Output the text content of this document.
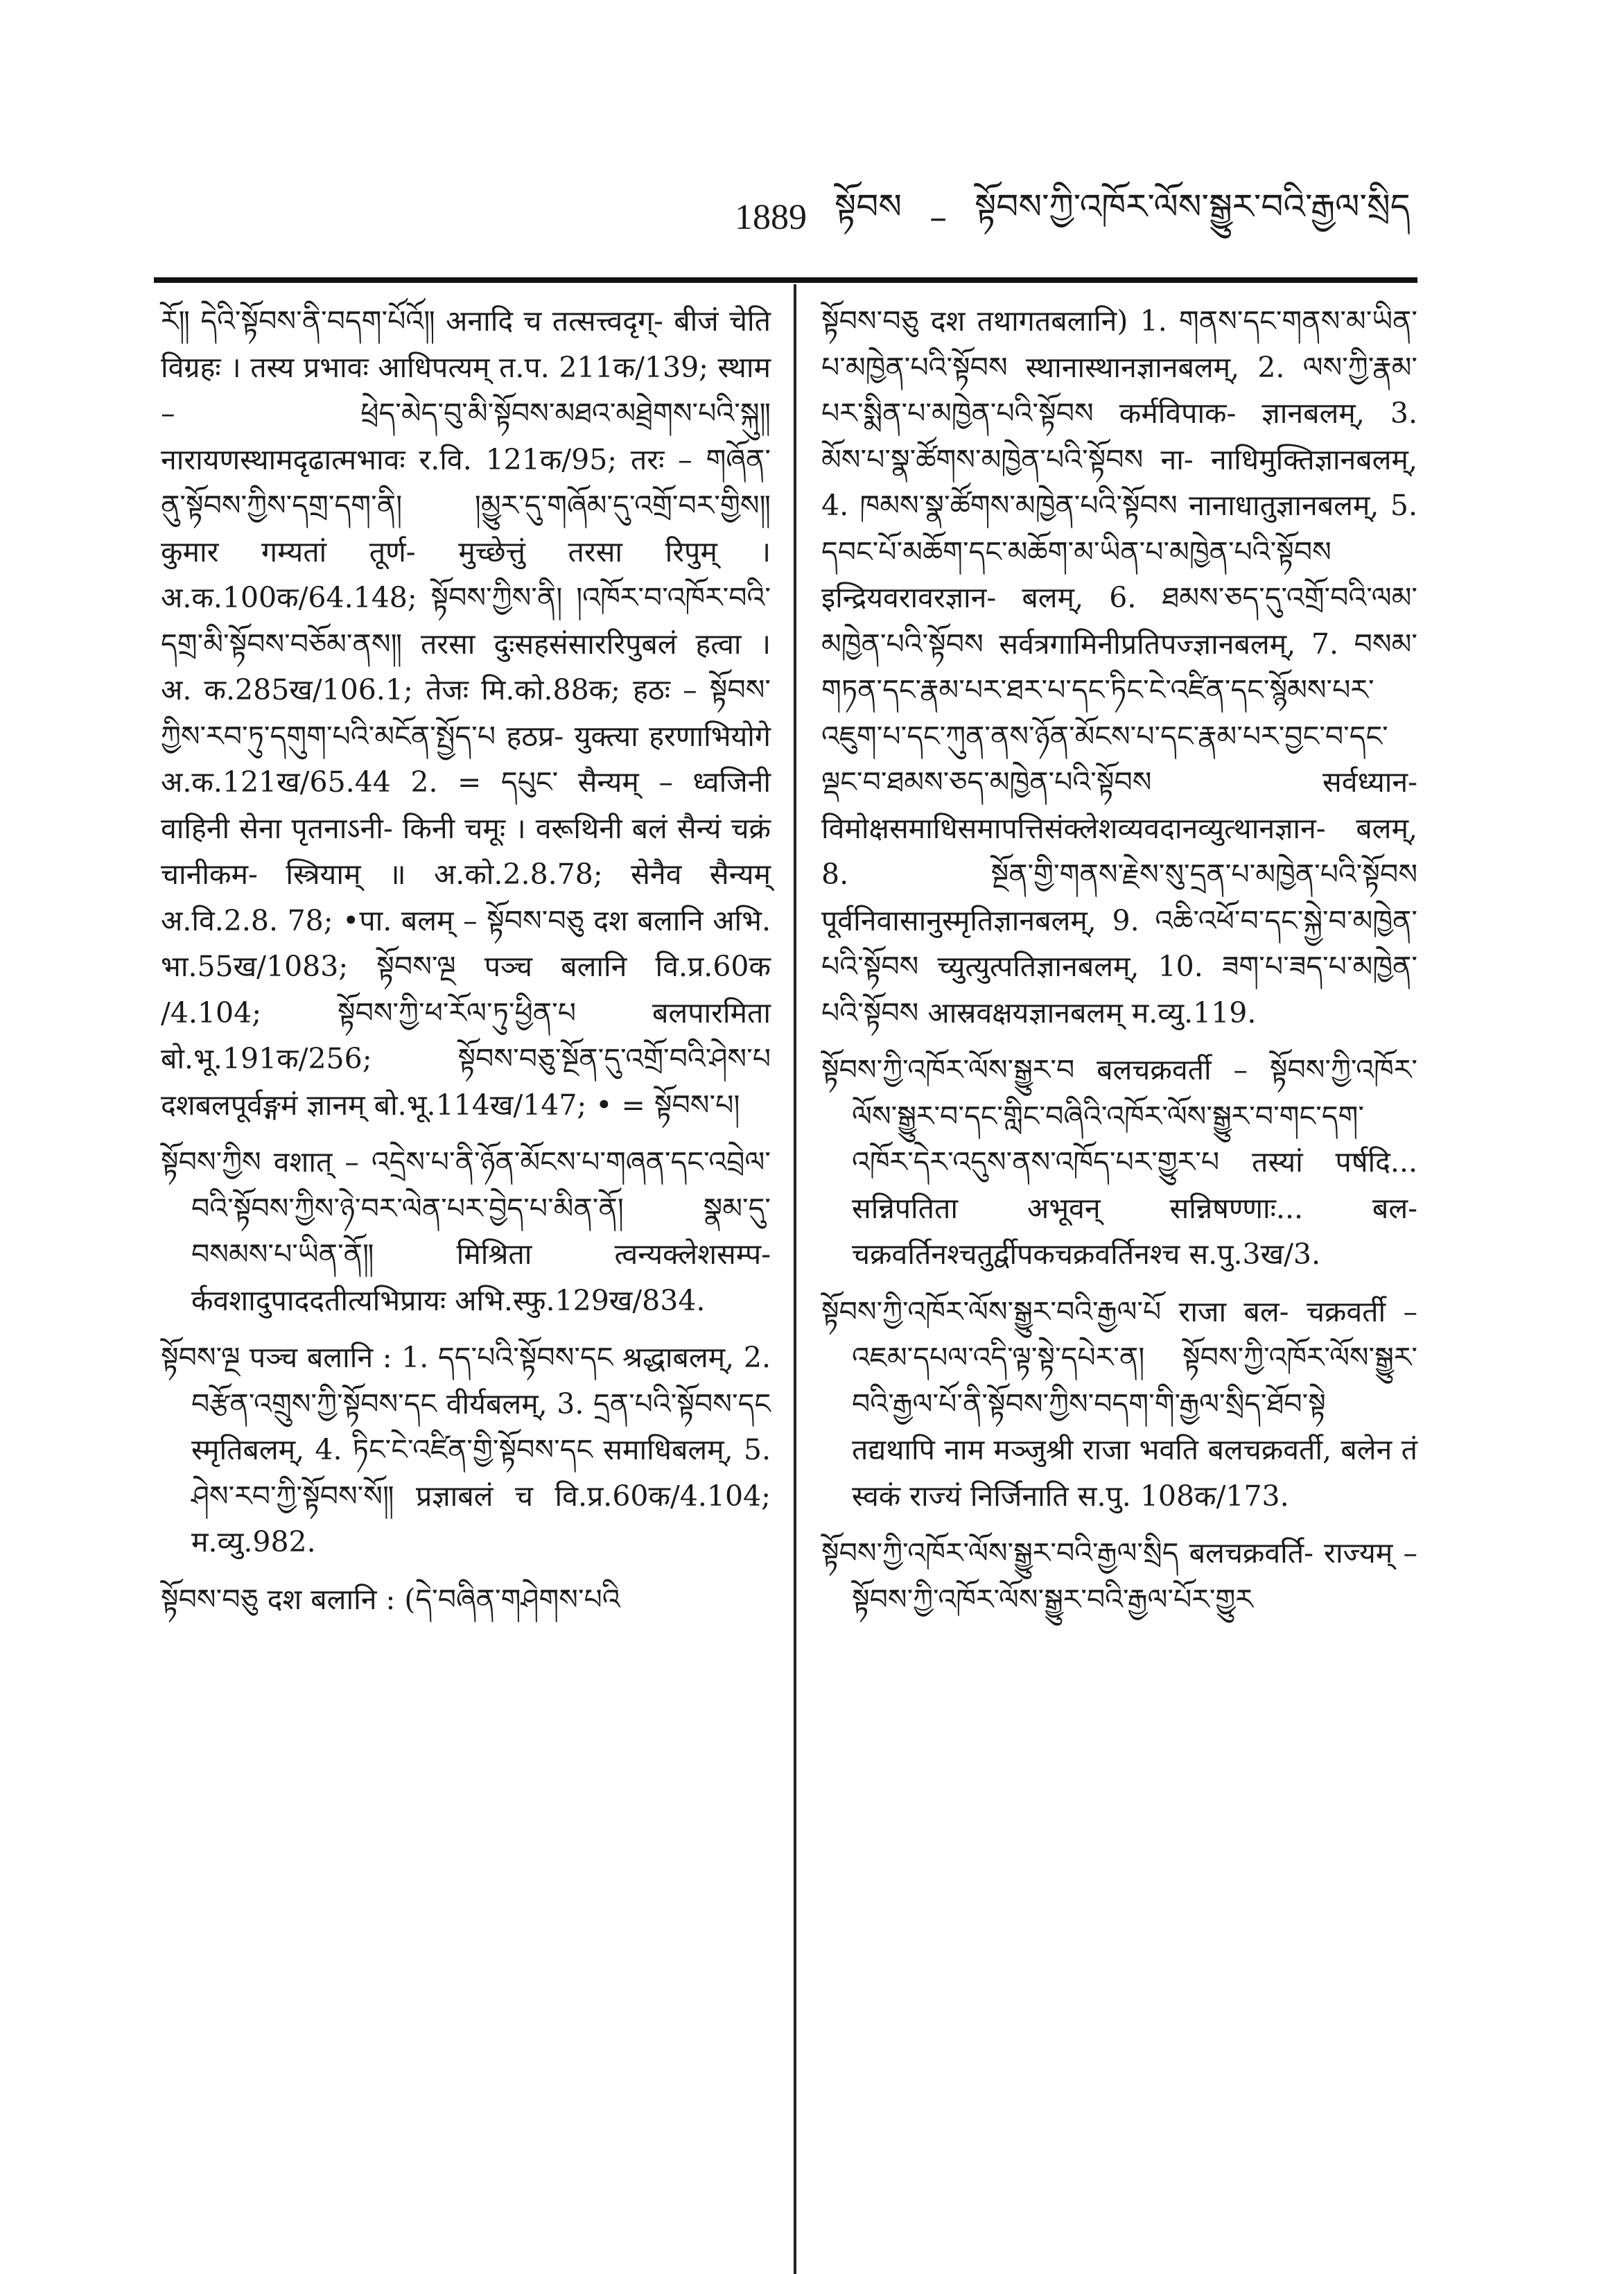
1889 སྟོབས – སྟོབས་ཀྱི་འཁོར་ལོས་སྒྱུར་བའི་རྒྱལ་སྲིད

ཪོ༎ དེའི་སྟོབས་ནི་བདག་པོའོ༎ अनादि च तत्सत्त्वदृग्- बीजं चेति विग्रहः । तस्य प्रभावः आधिपत्यम् त.प. 211क/139; स्थाम – ཕྲེད་མེད་བུ་མི་སྟོབས་མཐའ་མཐྲེགས་པའི་སྐུ༎ नारायणस्थामदृढात्मभावः र.वि. 121क/95; तरः – གཞོན་ནུ་སྟོབས་ཀྱིས་དགྲ་དག་ནི། །མྱུར་དུ་གཞོམ་དུ་འགྲོ་བར་གྱིས༎ कुमार गम्यतां तूर्ण- मुच्छेत्तुं तरसा रिपुम् । अ.क.100क/64.148; སྟོབས་ཀྱིས་ནི། །འཁོར་བ་འཁོར་བའི་དགྲ་མི་སྟོབས་བཅོམ་ནས༎ तरसा दुःसहसंसाररिपुबलं हत्वा । अ. क.285ख/106.1; तेजः मि.को.88क; हठः – སྟོབས་ཀྱིས་རབ་ཏུ་དགུག་པའི་མངོན་སྤྱོད་པ हठप्र- युक्त्या हरणाभियोगे अ.क.121ख/65.44 2. = དཔུང་ सैन्यम् – ध्वजिनी वाहिनी सेना पृतनाऽनी- किनी चमूः । वरूथिनी बलं सैन्यं चक्रं चानीकम- स्त्रियाम् ॥ अ.को.2.8.78; सेनैव सैन्यम् अ.वि.2.8. 78; •पा. बलम् – སྟོབས་བཅུ दश बलानि अभि. भा.55ख/1083; སྟོབས་ལྔ पञ्च बलानि वि.प्र.60क /4.104; སྟོབས་ཀྱི་ཕ་རོལ་ཏུ་ཕྱིན་པ बलपारमिता बो.भू.191क/256; སྟོབས་བཅུ་སྔོན་དུ་འགྲོ་བའི་ཤེས་པ दशबलपूर्वङ्गमं ज्ञानम् बो.भू.114ख/147; • = སྟོབས་པ།

སྟོབས་ཀྱིས वशात् – འདྲེས་པ་ནི་ཉོན་མོངས་པ་གཞན་དང་འབྲེལ་བའི་སྟོབས་ཀྱིས་ཉེ་བར་ལེན་པར་བྱེད་པ་མིན་ནོ། སྣམ་དུ་བསམས་པ་ཡིན་ནོ༎ मिश्रिता त्वन्यक्लेशसम्प- र्कवशादुपाददतीत्यभिप्रायः अभि.स्फु.129ख/834.

སྟོབས་ལྔ पञ्च बलानि : 1. དད་པའི་སྟོབས་དང श्रद्धाबलम्, 2. བརྩོན་འགྲུས་ཀྱི་སྟོབས་དང वीर्यबलम्, 3. དྲན་པའི་སྟོབས་དང स्मृतिबलम्, 4. ཏིང་ངེ་འཛིན་གྱི་སྟོབས་དང समाधिबलम्, 5. ཤེས་རབ་ཀྱི་སྟོབས་སོ༎ प्रज्ञाबलं च वि.प्र.60क/4.104; म.व्यु.982.

སྟོབས་བཅུ दश बलानि : (དེ་བཞིན་གཤེགས་པའི

སྟོབས་བཅུ दश तथागतबलानि) 1. གནས་དང་གནས་མ་ཡིན་པ་མཁྱེན་པའི་སྟོབས स्थानास्थानज्ञानबलम्, 2. ལས་ཀྱི་རྣམ་པར་སྨིན་པ་མཁྱེན་པའི་སྟོབས कर्मविपाक- ज्ञानबलम्, 3. མོས་པ་སྣ་ཚོགས་མཁྱེན་པའི་སྟོབས ना- नाधिमुक्तिज्ञानबलम्, 4. ཁམས་སྣ་ཚོགས་མཁྱེན་པའི་སྟོབས नानाधातुज्ञानबलम्, 5. དབང་པོ་མཆོག་དང་མཆོག་མ་ཡིན་པ་མཁྱེན་པའི་སྟོབས इन्द्रियवरावरज्ञान- बलम्, 6. ཐམས་ཅད་དུ་འགྲོ་བའི་ལམ་མཁྱེན་པའི་སྟོབས सर्वत्रगामिनीप्रतिपज्ज्ञानबलम्, 7. བསམ་གཏན་དང་རྣམ་པར་ཐར་པ་དང་ཏིང་ངེ་འཛིན་དང་སྙོམས་པར་འཇུག་པ་དང་ཀུན་ནས་ཉོན་མོངས་པ་དང་རྣམ་པར་བྱང་བ་དང་ལྡང་བ་ཐམས་ཅད་མཁྱེན་པའི་སྟོབས सर्वध्यान- विमोक्षसमाधिसमापत्तिसंक्लेशव्यवदानव्युत्थानज्ञान- बलम्, 8. སྔོན་གྱི་གནས་རྗེས་སུ་དྲན་པ་མཁྱེན་པའི་སྟོབས पूर्वनिवासानुस्मृतिज्ञानबलम्, 9. འཆི་འཕོ་བ་དང་སྐྱེ་བ་མཁྱེན་པའི་སྟོབས च्युत्युत्पतिज्ञानबलम्, 10. ཟག་པ་ཟད་པ་མཁྱེན་པའི་སྟོབས आस्रवक्षयज्ञानबलम् म.व्यु.119.

སྟོབས་ཀྱི་འཁོར་ལོས་སྒྱུར་བ बलचक्रवर्ती – སྟོབས་ཀྱི་འཁོར་ལོས་སྒྱུར་བ་དང་གླིང་བཞིའི་འཁོར་ལོས་སྒྱུར་བ་གང་དག་འཁོར་དེར་འདུས་ནས་འཁོད་པར་གྱུར་པ तस्यां पर्षदि... सन्निपतिता अभूवन् सन्निषण्णाः... बल- चक्रवर्तिनश्चतुर्द्वीपकचक्रवर्तिनश्च स.पु.3ख/3.

སྟོབས་ཀྱི་འཁོར་ལོས་སྒྱུར་བའི་རྒྱལ་པོ राजा बल- चक्रवर्ती – འཇམ་དཔལ་འདི་ལྟ་སྟེ་དཔེར་ན། སྟོབས་ཀྱི་འཁོར་ལོས་སྒྱུར་བའི་རྒྱལ་པོ་ནི་སྟོབས་ཀྱིས་བདག་གི་རྒྱལ་སྲིད་ཐོབ་སྟེ तद्यथापि नाम मञ्जुश्री राजा भवति बलचक्रवर्ती, बलेन तं स्वकं राज्यं निर्जिनाति स.पु. 108क/173.

སྟོབས་ཀྱི་འཁོར་ལོས་སྒྱུར་བའི་རྒྱལ་སྲིད बलचक्रवर्ति- राज्यम् – སྟོབས་ཀྱི་འཁོར་ལོས་སྒྱུར་བའི་རྒྱལ་པོར་གྱུར
